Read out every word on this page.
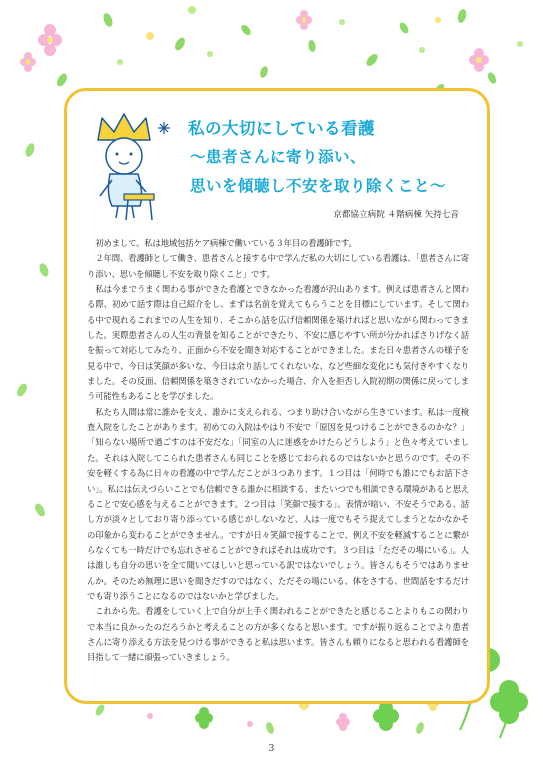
私の大切にしている看護
～患者さんに寄り添い、
思いを傾聴し不安を取り除くこと～
京都協立病院 ４階病棟 矢持七音

初めまして。私は地域包括ケア病棟で働いている３年目の看護師です。

２年間、看護師として働き、患者さんと接する中で学んだ私の大切にしている看護は、「患者さんに寄り添い、思いを傾聴し不安を取り除くこと」です。

私は今までうまく関わる事ができた看護とできなかった看護が沢山あります。例えば患者さんと関わる際、初めて話す際は自己紹介をし、まずは名前を覚えてもらうことを目標にしています。そして関わる中で現れるこれまでの人生を知り、そこから話を広げ信頼関係を築ければと思いながら関わってきました。実際患者さんの人生の背景を知ることができたり、不安に感じやすい所が分かればさりげなく話を振って対応してみたり、正面から不安を聞き対応することができました。また日々患者さんの様子を見る中で、今日は笑顔が多いな、今日は余り話してくれないな、など些細な変化にも気付きやすくなりました。その反面、信頼関係を築きされていなかった場合、介入を拒否し入院初期の関係に戻ってしまう可能性もあることを学びました。

私たち人間は常に誰かを支え、誰かに支えられる、つまり助け合いながら生きています。私は一度検査入院をしたことがあります。初めての入院はやはり不安で「原因を見つけることができるのかな？」「知らない場所で過ごすのは不安だな」「同室の人に迷惑をかけたらどうしよう」と色々考えていました。それは入院してこられた患者さんも同じことを感じておられるのではないかと思うのです。その不安を軽くする為に日々の看護の中で学んだことが３つあります。１つ目は「何時でも誰にでもお話下さい」。私には伝えづらいことでも信頼できる誰かに相談する、またいつでも相談できる環境があると思えることで安心感を与えることができます。２つ目は「笑顔で接する」。表情が暗い、不安そうである、話し方が淡々としており寄り添っている感じがしないなど、人は一度でもそう捉えてしまうとなかなかその印象から変わることができません。ですが日々笑顔で接することで、例え不安を軽減することに繋がらなくても一時だけでも忘れさせることができればそれは成功です。３つ目は「ただその場にいる」。人は誰しも自分の思いを全て聞いてほしいと思っている訳ではないでしょう。皆さんもそうではありませんか。そのため無理に思いを聞きだすのではなく、ただその場にいる、体をさする、世間話をするだけでも寄り添うことになるのではないかと学びました。

これから先、看護をしていく上で自分が上手く関われることができたと感じることよりもこの関わりで本当に良かったのだろうかと考えることの方が多くなると思います。ですが振り返ることでより患者さんに寄り添える方法を見つける事ができると私は思います。皆さんも頼りになると思われる看護師を目指して一緒に頑張っていきましょう。

3
